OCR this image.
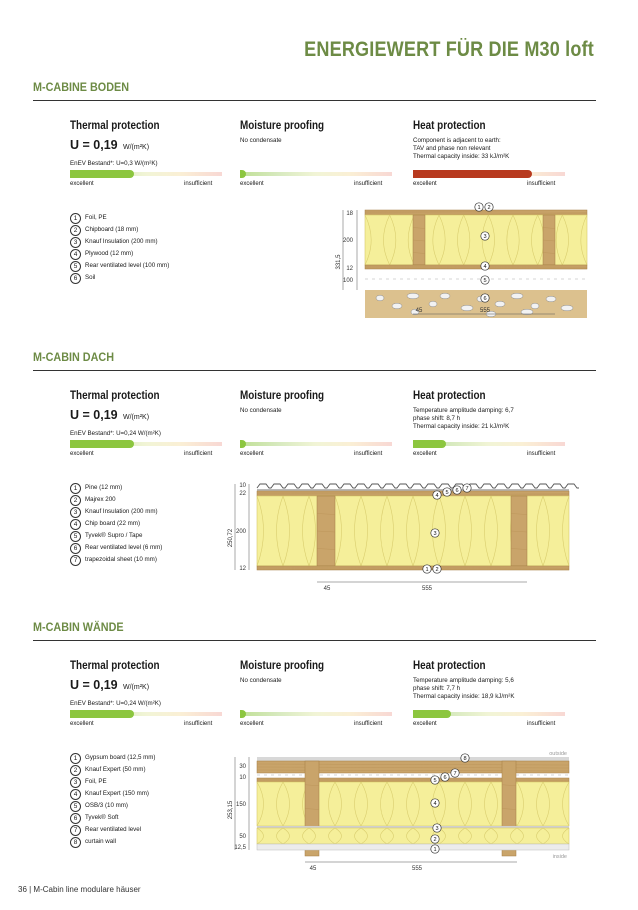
ENERGIEWERT FÜR DIE M30 loft
M-CABINE BODEN
Thermal protection
U = 0,19 W/(m²K)
EnEV Bestand*: U=0,3 W/(m²K)
excellent	insufficient
Moisture proofing
No condensate
excellent	insufficient
Heat protection
Component is adjacent to earth:
TAV and phase non relevant
Thermal capacity inside: 33 kJ/m²K
excellent	insufficient
1	Foil, PE
2	Chipboard (18 mm)
3	Knauf Insulation (200 mm)
4	Plywood (12 mm)
5	Rear ventilated level (100 mm)
6	Soil
18
200
12
100
331,5
45	555
1 2
3
4
5
6
M-CABIN DACH
Thermal protection
U = 0,19 W/(m²K)
EnEV Bestand*: U=0,24 W/(m²K)
excellent	insufficient
Moisture proofing
No condensate
excellent	insufficient
Heat protection
Temperature amplitude damping: 6,7
phase shift: 8,7 h
Thermal capacity inside: 21 kJ/m²K
excellent	insufficient
1	Pine (12 mm)
2	Majrex 200
3	Knauf Insulation (200 mm)
4	Chip board (22 mm)
5	Tyvek® Supro / Tape
6	Rear ventilated level (6 mm)
7	trapezoidal sheet (10 mm)
10
22
200
12
250,72
45	555
1 2
3
4 5 6 7
M-CABIN WÄNDE
Thermal protection
U = 0,19 W/(m²K)
EnEV Bestand*: U=0,24 W/(m²K)
excellent	insufficient
Moisture proofing
No condensate
excellent	insufficient
Heat protection
Temperature amplitude damping: 5,6
phase shift: 7,7 h
Thermal capacity inside: 18,9 kJ/m²K
excellent	insufficient
1	Gypsum board (12,5 mm)
2	Knauf Expert (50 mm)
3	Foil, PE
4	Knauf Expert (150 mm)
5	OSB/3 (10 mm)
6	Tyvek® Soft
7	Rear ventilated level
8	curtain wall
outside
inside
30
10
150
50
12,5
253,15
45	555
1
2
3
4
5 6
7
8
36 | M-Cabin line modulare häuser
